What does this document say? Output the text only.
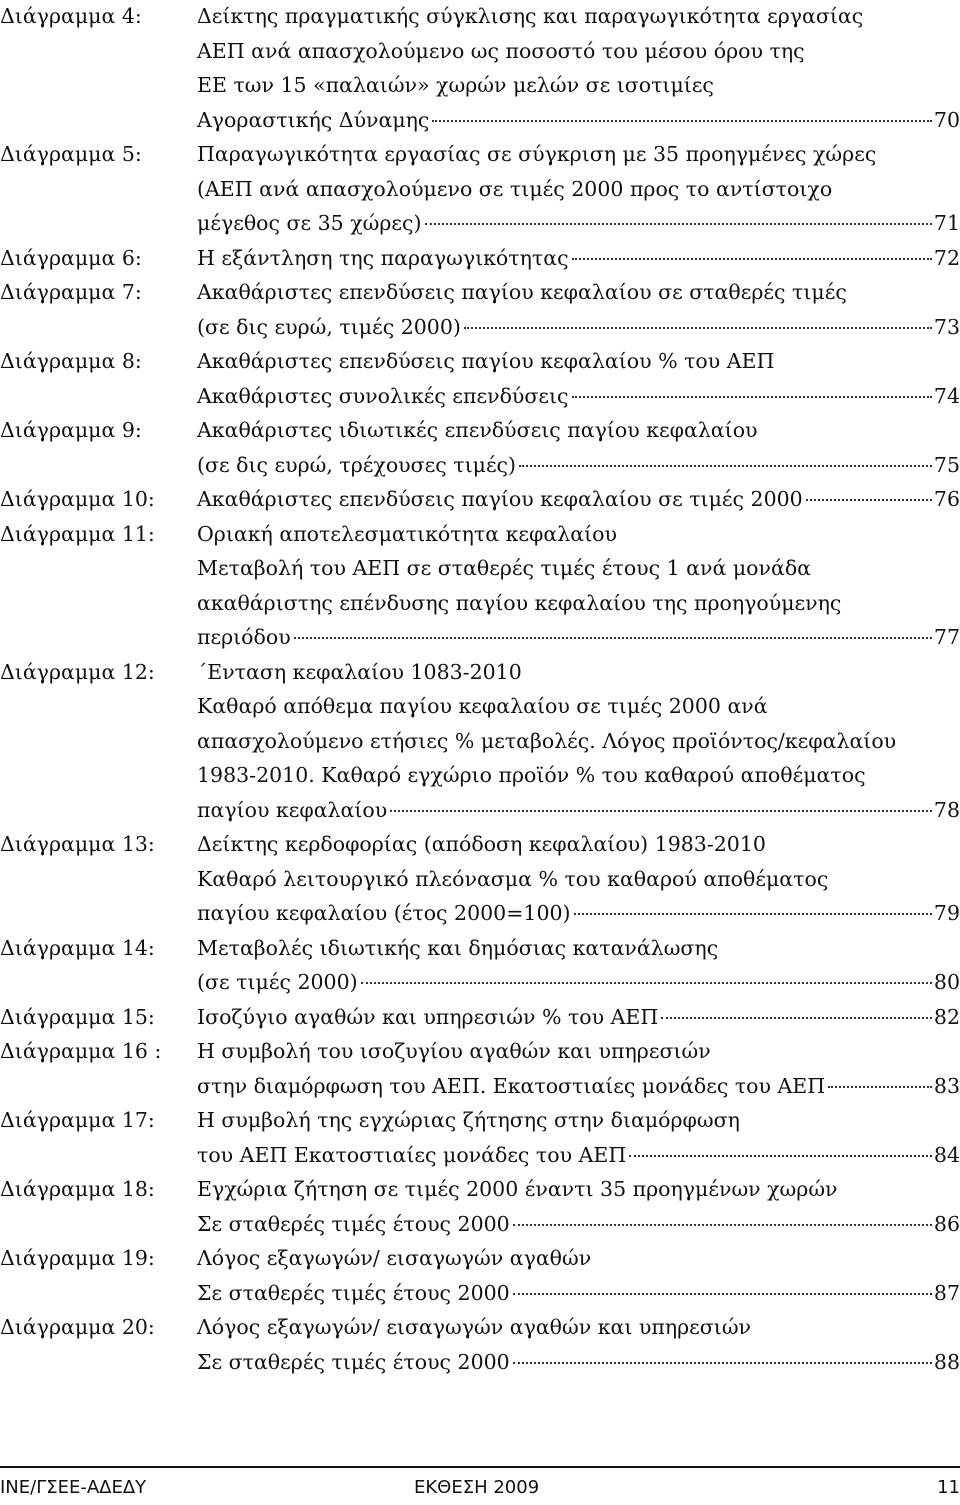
Διάγραμμα 4:	Δείκτης πραγματικής σύγκλισης και παραγωγικότητα εργασίας
ΑΕΠ ανά απασχολούμενο ως ποσοστό του μέσου όρου της
ΕΕ των 15 «παλαιών» χωρών μελών σε ισοτιμίες
Αγοραστικής Δύναμης	70
Διάγραμμα 5:	Παραγωγικότητα εργασίας σε σύγκριση με 35 προηγμένες χώρες
(ΑΕΠ ανά απασχολούμενο σε τιμές 2000 προς το αντίστοιχο
μέγεθος σε 35 χώρες)	71
Διάγραμμα 6:	Η εξάντληση της παραγωγικότητας	72
Διάγραμμα 7:	Ακαθάριστες επενδύσεις παγίου κεφαλαίου σε σταθερές τιμές
(σε δις ευρώ, τιμές 2000)	73
Διάγραμμα 8:	Ακαθάριστες επενδύσεις παγίου κεφαλαίου % του ΑΕΠ
Ακαθάριστες συνολικές επενδύσεις	74
Διάγραμμα 9:	Ακαθάριστες ιδιωτικές επενδύσεις παγίου κεφαλαίου
(σε δις ευρώ, τρέχουσες τιμές)	75
Διάγραμμα 10:	Ακαθάριστες επενδύσεις παγίου κεφαλαίου σε τιμές 2000	76
Διάγραμμα 11:	Οριακή αποτελεσματικότητα κεφαλαίου
Μεταβολή του ΑΕΠ σε σταθερές τιμές έτους 1 ανά μονάδα
ακαθάριστης επένδυσης παγίου κεφαλαίου της προηγούμενης
περιόδου	77
Διάγραμμα 12:	΄Ενταση κεφαλαίου 1083-2010
Καθαρό απόθεμα παγίου κεφαλαίου σε τιμές 2000 ανά
απασχολούμενο ετήσιες % μεταβολές. Λόγος προϊόντος/κεφαλαίου
1983-2010. Καθαρό εγχώριο προϊόν % του καθαρού αποθέματος
παγίου κεφαλαίου	78
Διάγραμμα 13:	Δείκτης κερδοφορίας (απόδοση κεφαλαίου) 1983-2010
Καθαρό λειτουργικό πλεόνασμα % του καθαρού αποθέματος
παγίου κεφαλαίου (έτος 2000=100)	79
Διάγραμμα 14:	Μεταβολές ιδιωτικής και δημόσιας κατανάλωσης
(σε τιμές 2000)	80
Διάγραμμα 15:	Ισοζύγιο αγαθών και υπηρεσιών % του ΑΕΠ	82
Διάγραμμα 16 :	Η συμβολή του ισοζυγίου αγαθών και υπηρεσιών
στην διαμόρφωση του ΑΕΠ. Εκατοστιαίες μονάδες του ΑΕΠ	83
Διάγραμμα 17:	Η συμβολή της εγχώριας ζήτησης στην διαμόρφωση
του ΑΕΠ Εκατοστιαίες μονάδες του ΑΕΠ	84
Διάγραμμα 18:	Εγχώρια ζήτηση σε τιμές 2000 έναντι 35 προηγμένων χωρών
Σε σταθερές τιμές έτους 2000	86
Διάγραμμα 19:	Λόγος εξαγωγών/ εισαγωγών αγαθών
Σε σταθερές τιμές έτους 2000	87
Διάγραμμα 20:	Λόγος εξαγωγών/ εισαγωγών αγαθών και υπηρεσιών
Σε σταθερές τιμές έτους 2000	88
ΙΝΕ/ΓΣΕΕ-ΑΔΕΔΥ	ΕΚΘΕΣΗ 2009	11
